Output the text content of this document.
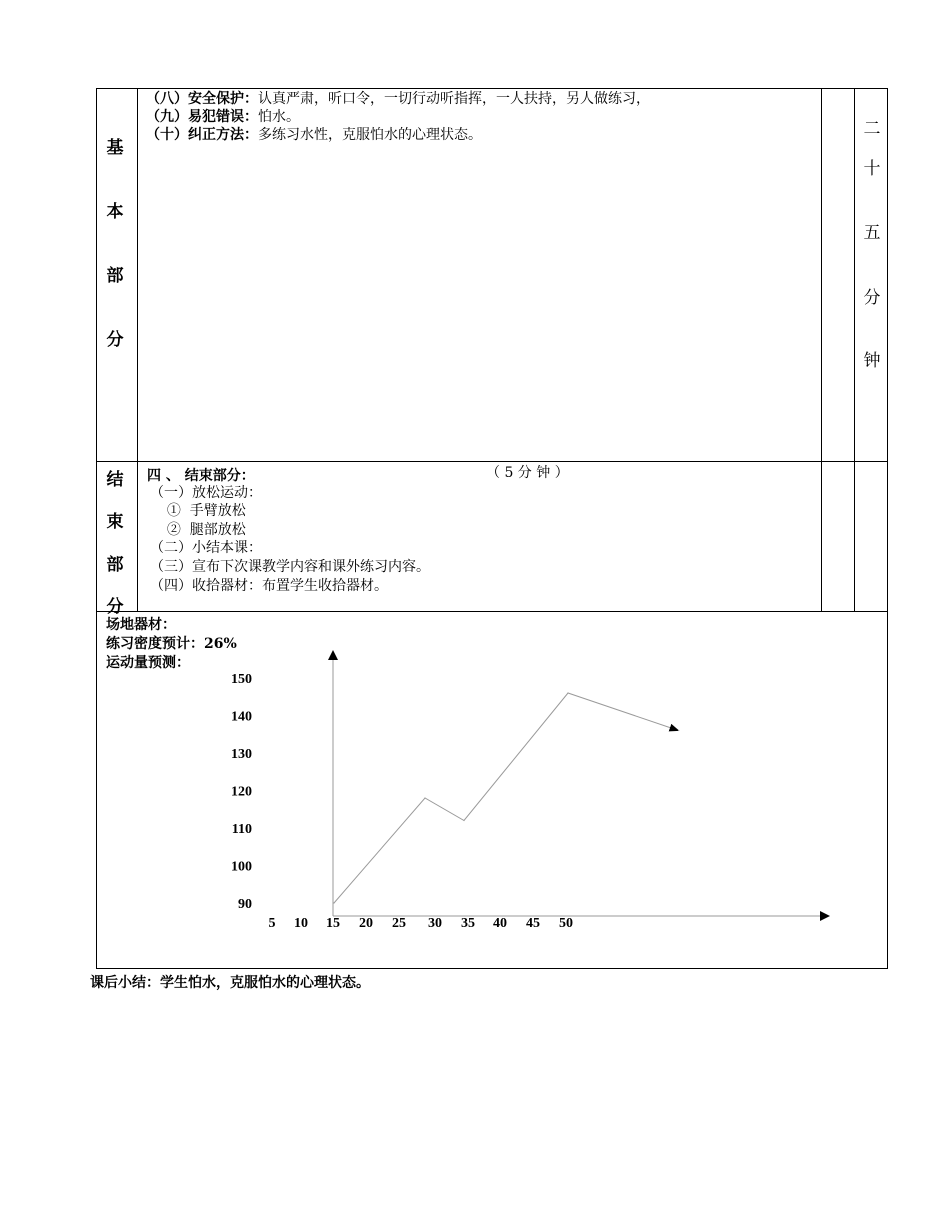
基
本
部
分
（八）安全保护：认真严肃，听口令，一切行动听指挥，一人扶持，另人做练习，
（九）易犯错误：怕水。
（十）纠正方法：多练习水性，克服怕水的心理状态。	二
十
五
分
钟
结
束
部
分
四 、 结束部分：	（ 5 分 钟 ）
（一）放松运动：
①  手臂放松
②  腿部放松
（二）小结本课：
（三）宣布下次课教学内容和课外练习内容。
（四）收拾器材：布置学生收拾器材。
场地器材：
练习密度预计：26%
运动量预测：
90
100
110
120
130
140
150
5 10 15 20 25 30 35 40 45 50
课后小结：学生怕水，克服怕水的心理状态。
